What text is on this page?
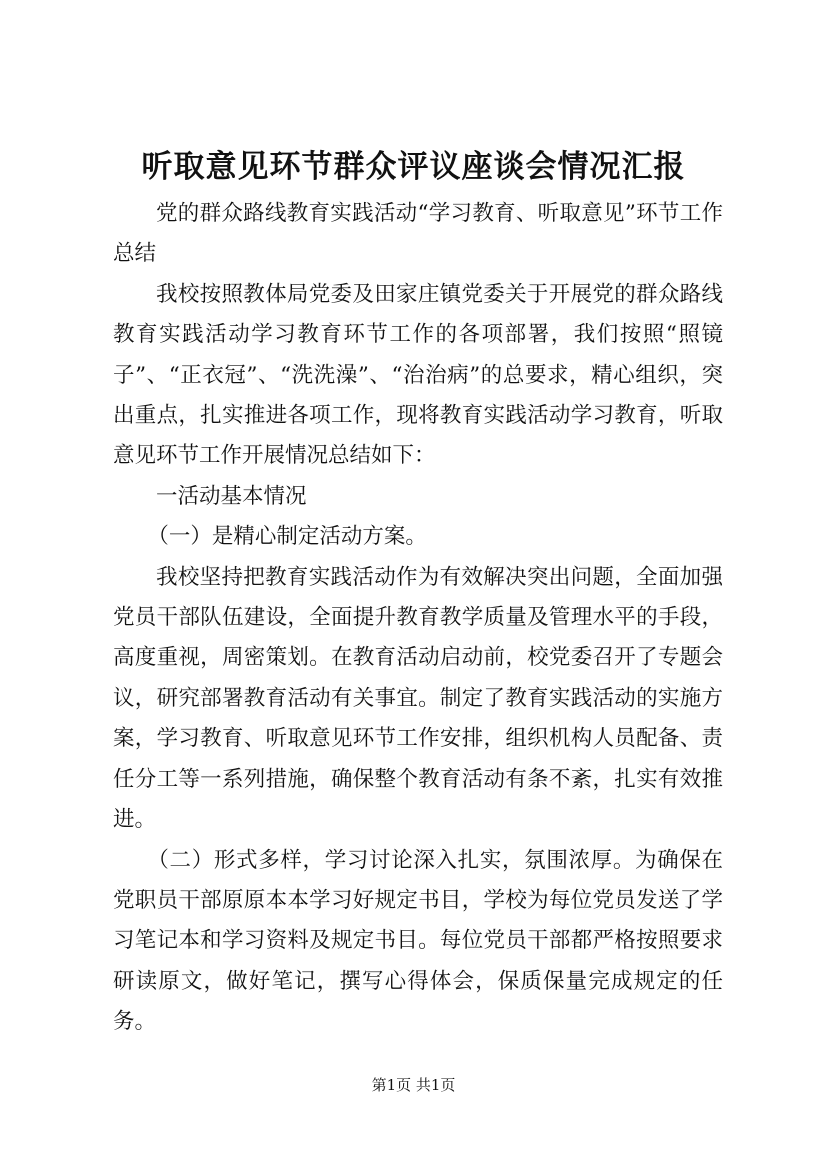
听取意见环节群众评议座谈会情况汇报

党的群众路线教育实践活动“学习教育、听取意见”环节工作总结

我校按照教体局党委及田家庄镇党委关于开展党的群众路线教育实践活动学习教育环节工作的各项部署，我们按照“照镜子”、“正衣冠”、“洗洗澡”、“治治病”的总要求，精心组织，突出重点，扎实推进各项工作，现将教育实践活动学习教育，听取意见环节工作开展情况总结如下：

一活动基本情况

（一）是精心制定活动方案。

我校坚持把教育实践活动作为有效解决突出问题，全面加强党员干部队伍建设，全面提升教育教学质量及管理水平的手段，高度重视，周密策划。在教育活动启动前，校党委召开了专题会议，研究部署教育活动有关事宜。制定了教育实践活动的实施方案，学习教育、听取意见环节工作安排，组织机构人员配备、责任分工等一系列措施，确保整个教育活动有条不紊，扎实有效推进。

（二）形式多样，学习讨论深入扎实，氛围浓厚。为确保在党职员干部原原本本学习好规定书目，学校为每位党员发送了学习笔记本和学习资料及规定书目。每位党员干部都严格按照要求研读原文，做好笔记，撰写心得体会，保质保量完成规定的任务。

第1页 共1页
